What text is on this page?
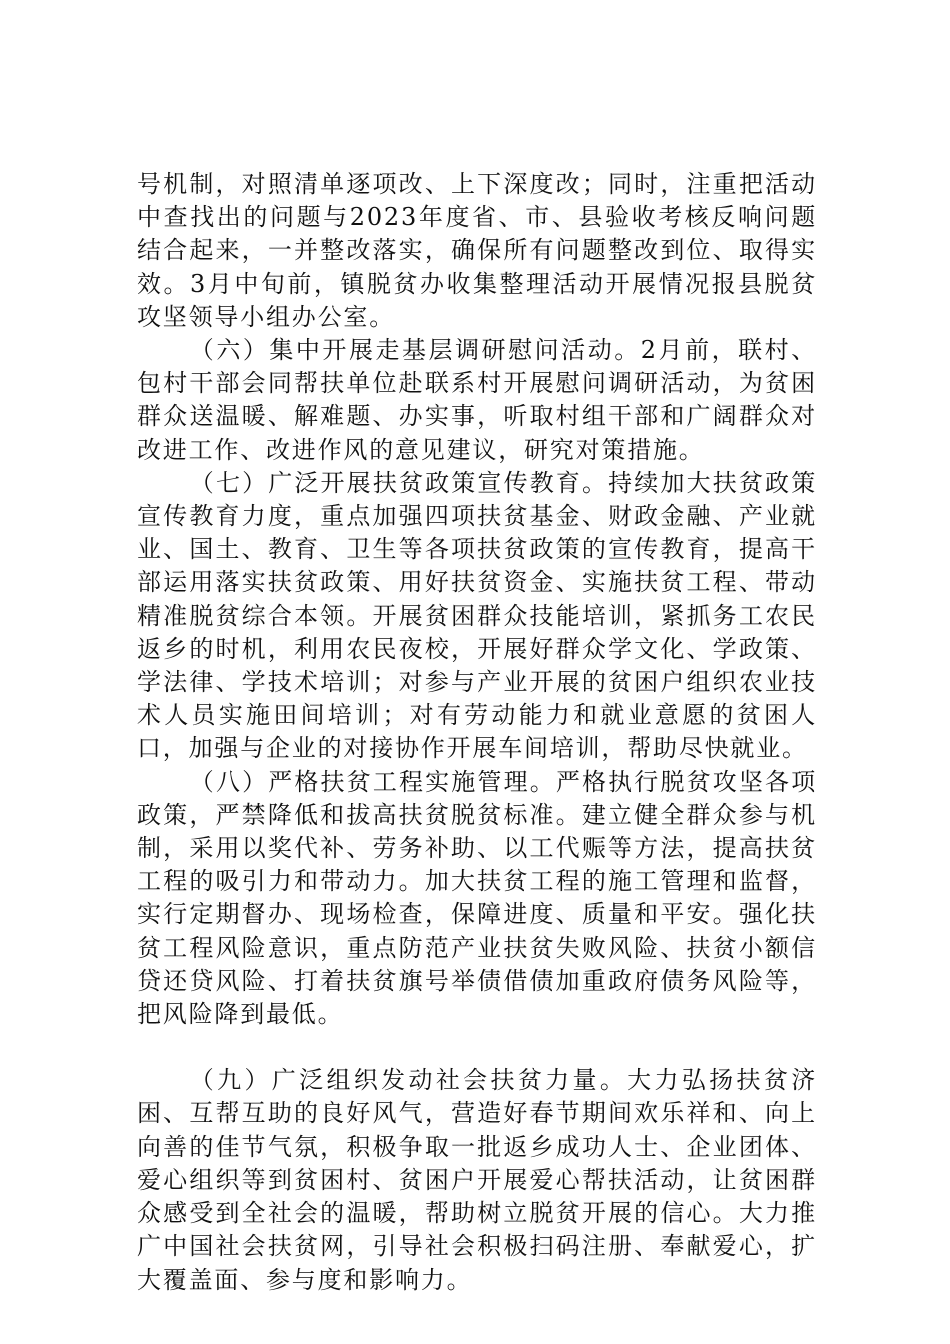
号机制，对照清单逐项改、上下深度改；同时，注重把活动中查找出的问题与2023年度省、市、县验收考核反响问题结合起来，一并整改落实，确保所有问题整改到位、取得实效。3月中旬前，镇脱贫办收集整理活动开展情况报县脱贫攻坚领导小组办公室。

（六）集中开展走基层调研慰问活动。2月前，联村、包村干部会同帮扶单位赴联系村开展慰问调研活动，为贫困群众送温暖、解难题、办实事，听取村组干部和广阔群众对改进工作、改进作风的意见建议，研究对策措施。

（七）广泛开展扶贫政策宣传教育。持续加大扶贫政策宣传教育力度，重点加强四项扶贫基金、财政金融、产业就业、国土、教育、卫生等各项扶贫政策的宣传教育，提高干部运用落实扶贫政策、用好扶贫资金、实施扶贫工程、带动精准脱贫综合本领。开展贫困群众技能培训，紧抓务工农民返乡的时机，利用农民夜校，开展好群众学文化、学政策、学法律、学技术培训；对参与产业开展的贫困户组织农业技术人员实施田间培训；对有劳动能力和就业意愿的贫困人口，加强与企业的对接协作开展车间培训，帮助尽快就业。

（八）严格扶贫工程实施管理。严格执行脱贫攻坚各项政策，严禁降低和拔高扶贫脱贫标准。建立健全群众参与机制，采用以奖代补、劳务补助、以工代赈等方法，提高扶贫工程的吸引力和带动力。加大扶贫工程的施工管理和监督，实行定期督办、现场检查，保障进度、质量和平安。强化扶贫工程风险意识，重点防范产业扶贫失败风险、扶贫小额信贷还贷风险、打着扶贫旗号举债借债加重政府债务风险等，把风险降到最低。

（九）广泛组织发动社会扶贫力量。大力弘扬扶贫济困、互帮互助的良好风气，营造好春节期间欢乐祥和、向上向善的佳节气氛，积极争取一批返乡成功人士、企业团体、爱心组织等到贫困村、贫困户开展爱心帮扶活动，让贫困群众感受到全社会的温暖，帮助树立脱贫开展的信心。大力推广中国社会扶贫网，引导社会积极扫码注册、奉献爱心，扩大覆盖面、参与度和影响力。
